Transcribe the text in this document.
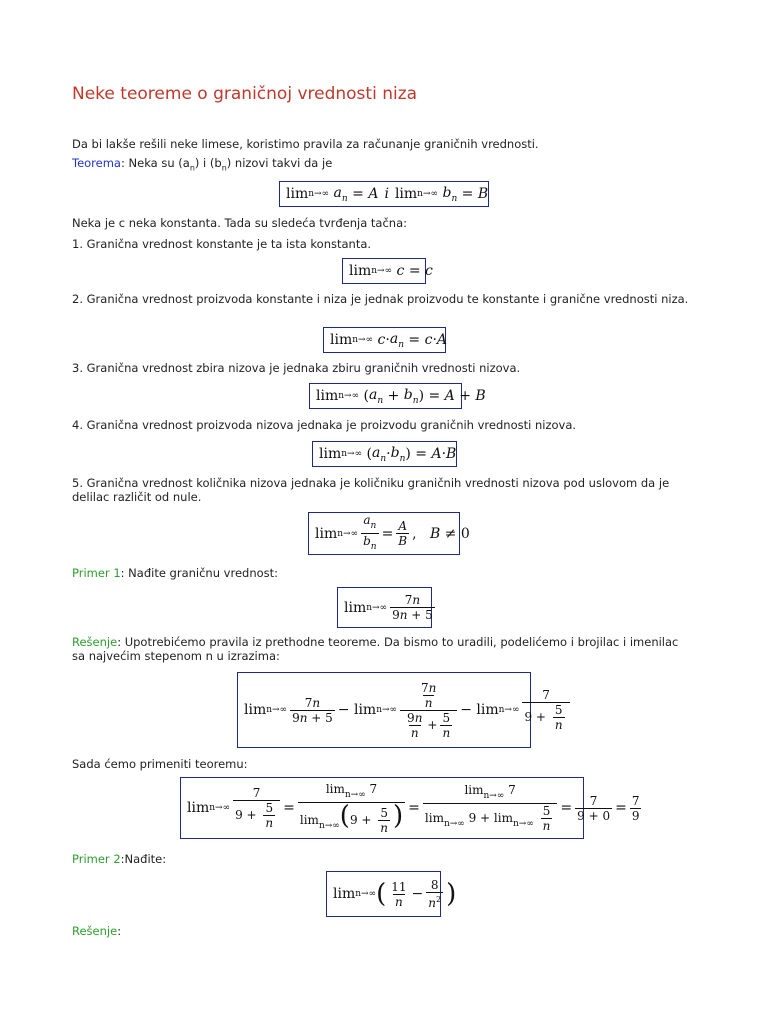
Neke teoreme o graničnoj vrednosti niza

Da bi lakše rešili neke limese, koristimo pravila za računanje graničnih vrednosti.

Teorema: Neka su $(a_n)$ i $(b_n)$ nizovi takvi da je

lim n→∞
$a_n = A$ i lim n→∞
$b_n = B$

Neka je c neka konstanta. Tada su sledeća tvrđenja tačna:

1. Granična vrednost konstante je ta ista konstanta.

lim n→∞
c = c

2. Granična vrednost proizvoda konstante i niza je jednak proizvodu te konstante i granične vrednosti niza.

lim n→∞
$c \cdot a_n = c \cdot A$

3. Granična vrednost zbira nizova je jednaka zbiru graničnih vrednosti nizova.

lim n→∞ ( $a_n + b_n$ ) = A + B

4. Granična vrednost proizvoda nizova jednaka je proizvodu graničnih vrednosti nizova.

lim n→∞ ( $a_n \cdot b_n$ ) = A · B

5. Granična vrednost količnika nizova jednaka je količniku graničnih vrednosti nizova pod uslovom da je delilac različit od nule.

$\lim n\to\infty \frac{a_n}{b_n} = \frac{A}{B}$ , B ≠ 0

Primer 1: Nađite graničnu vrednost:

$\lim n\to\infty \frac{7n}{9n + 5}$

Rešenje: Upotrebićemo pravila iz prethodne teoreme. Da bismo to uradili, podelićemo i brojilac i imenilac sa najvećim stepenom n u izrazima:

$\lim n\to\infty \frac{7n}{9n + 5} - \lim n\to\infty \frac{\frac{7n}{n}}{\frac{9n}{n} + \frac{5}{n}} - \lim n\to\infty \frac{7}{9 + \frac{5}{n}}$

Sada ćemo primeniti teoremu:

$\lim n\to\infty \frac{7}{9 + \frac{5}{n}} = \frac{\lim_{n\to\infty} 7}{\lim_{n\to\infty}(9 + \frac{5}{n} )} = \frac{\lim_{n\to\infty} 7}{\lim_{n\to\infty} 9 + \lim_{n\to\infty} \frac{5}{n}} = \frac{7}{9 + 0} = \frac{7}{9}$

Primer 2:Nađite:

lim n→∞ ( $\frac{11}{n} - \frac{8}{n^2}$ )

Rešenje:
